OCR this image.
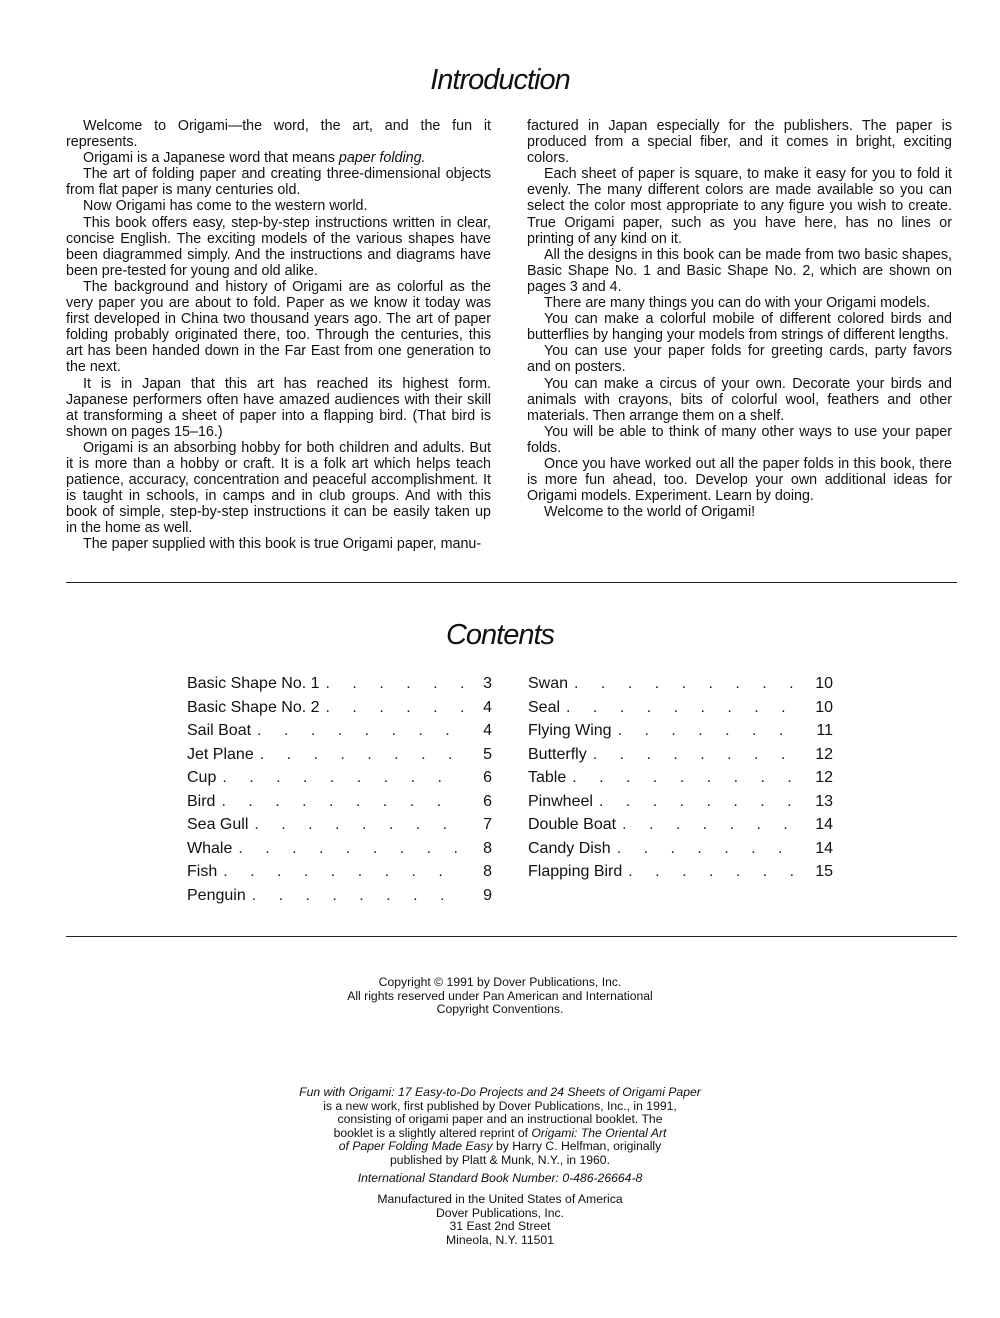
Introduction

Welcome to Origami—the word, the art, and the fun it represents.

Origami is a Japanese word that means paper folding.

The art of folding paper and creating three-dimensional objects from flat paper is many centuries old.

Now Origami has come to the western world.

This book offers easy, step-by-step instructions written in clear, concise English. The exciting models of the various shapes have been diagrammed simply. And the instructions and diagrams have been pre-tested for young and old alike.

The background and history of Origami are as colorful as the very paper you are about to fold. Paper as we know it today was first developed in China two thousand years ago. The art of paper folding probably originated there, too. Through the centuries, this art has been handed down in the Far East from one generation to the next.

It is in Japan that this art has reached its highest form. Japanese performers often have amazed audiences with their skill at transforming a sheet of paper into a flapping bird. (That bird is shown on pages 15–16.)

Origami is an absorbing hobby for both children and adults. But it is more than a hobby or craft. It is a folk art which helps teach patience, accuracy, concentration and peaceful accomplishment. It is taught in schools, in camps and in club groups. And with this book of simple, step-by-step instructions it can be easily taken up in the home as well.

The paper supplied with this book is true Origami paper, manu-

factured in Japan especially for the publishers. The paper is produced from a special fiber, and it comes in bright, exciting colors.

Each sheet of paper is square, to make it easy for you to fold it evenly. The many different colors are made available so you can select the color most appropriate to any figure you wish to create. True Origami paper, such as you have here, has no lines or printing of any kind on it.

All the designs in this book can be made from two basic shapes, Basic Shape No. 1 and Basic Shape No. 2, which are shown on pages 3 and 4.

There are many things you can do with your Origami models.

You can make a colorful mobile of different colored birds and butterflies by hanging your models from strings of different lengths.

You can use your paper folds for greeting cards, party favors and on posters.

You can make a circus of your own. Decorate your birds and animals with crayons, bits of colorful wool, feathers and other materials. Then arrange them on a shelf.

You will be able to think of many other ways to use your paper folds.

Once you have worked out all the paper folds in this book, there is more fun ahead, too. Develop your own additional ideas for Origami models. Experiment. Learn by doing.

Welcome to the world of Origami!

Contents
Basic Shape No. 1 . . .	3
Basic Shape No. 2 . . .	4
Sail Boat . . .	4
Jet Plane . . .	5
Cup . . .	6
Bird . . .	6
Sea Gull . . .	7
Whale . . .	8
Fish . . .	8
Penguin . . .	9
Swan . . .	10
Seal . . .	10
Flying Wing . . .	11
Butterfly . . .	12
Table . . .	12
Pinwheel . . .	13
Double Boat . . .	14
Candy Dish . . .	14
Flapping Bird . . .	15

Copyright © 1991 by Dover Publications, Inc.

All rights reserved under Pan American and International

Copyright Conventions.

Fun with Origami: 17 Easy-to-Do Projects and 24 Sheets of Origami Paper

is a new work, first published by Dover Publications, Inc., in 1991,

consisting of origami paper and an instructional booklet. The

booklet is a slightly altered reprint of Origami: The Oriental Art

of Paper Folding Made Easy by Harry C. Helfman, originally

published by Platt & Munk, N.Y., in 1960.

International Standard Book Number: 0-486-26664-8

Manufactured in the United States of America

Dover Publications, Inc.

31 East 2nd Street

Mineola, N.Y. 11501
